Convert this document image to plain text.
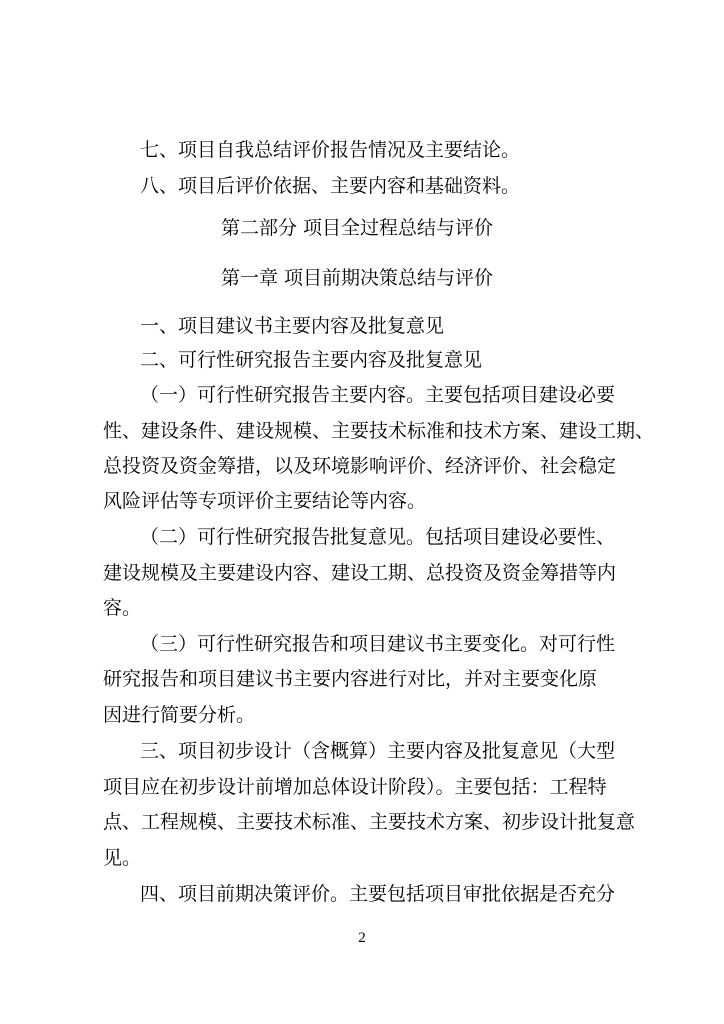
七、项目自我总结评价报告情况及主要结论。
八、项目后评价依据、主要内容和基础资料。
第二部分 项目全过程总结与评价
第一章 项目前期决策总结与评价
一、项目建议书主要内容及批复意见
二、可行性研究报告主要内容及批复意见
（一）可行性研究报告主要内容。主要包括项目建设必要
性、建设条件、建设规模、主要技术标准和技术方案、建设工期、
总投资及资金筹措，以及环境影响评价、经济评价、社会稳定
风险评估等专项评价主要结论等内容。
（二）可行性研究报告批复意见。包括项目建设必要性、
建设规模及主要建设内容、建设工期、总投资及资金筹措等内
容。
（三）可行性研究报告和项目建议书主要变化。对可行性
研究报告和项目建议书主要内容进行对比，并对主要变化原
因进行简要分析。
三、项目初步设计（含概算）主要内容及批复意见（大型
项目应在初步设计前增加总体设计阶段）。主要包括：工程特
点、工程规模、主要技术标准、主要技术方案、初步设计批复意
见。
四、项目前期决策评价。主要包括项目审批依据是否充分
2
